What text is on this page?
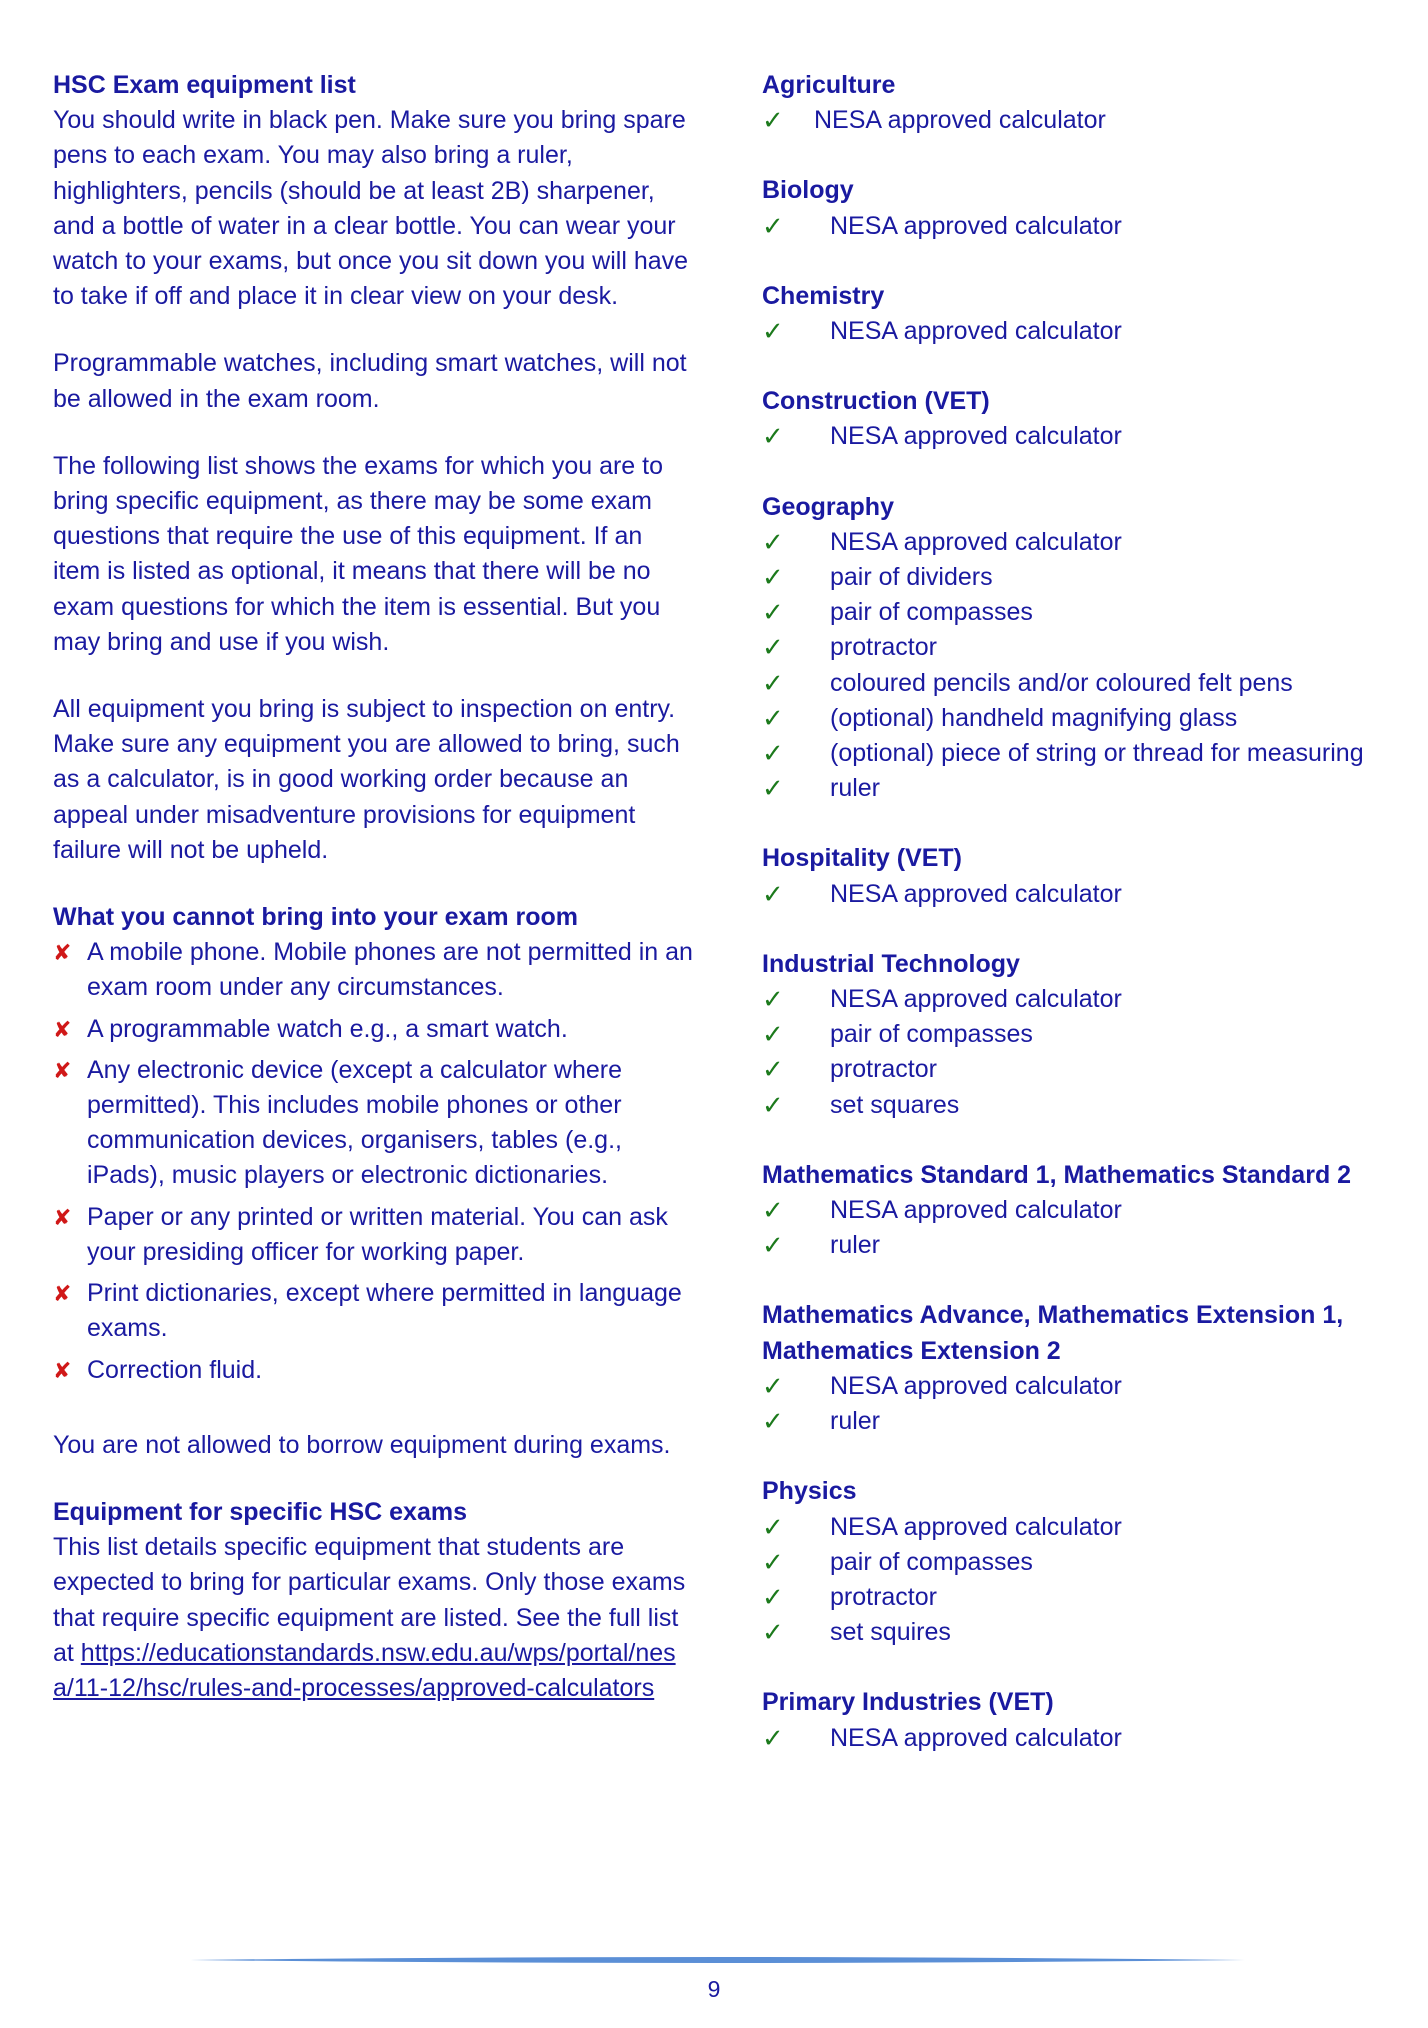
HSC Exam equipment list

You should write in black pen. Make sure you bring spare pens to each exam. You may also bring a ruler, highlighters, pencils (should be at least 2B) sharpener, and a bottle of water in a clear bottle. You can wear your watch to your exams, but once you sit down you will have to take if off and place it in clear view on your desk.

Programmable watches, including smart watches, will not be allowed in the exam room.

The following list shows the exams for which you are to bring specific equipment, as there may be some exam questions that require the use of this equipment. If an item is listed as optional, it means that there will be no exam questions for which the item is essential. But you may bring and use if you wish.

All equipment you bring is subject to inspection on entry. Make sure any equipment you are allowed to bring, such as a calculator, is in good working order because an appeal under misadventure provisions for equipment failure will not be upheld.

What you cannot bring into your exam room

✘ A mobile phone. Mobile phones are not permitted in an exam room under any circumstances.
✘ A programmable watch e.g., a smart watch.
✘ Any electronic device (except a calculator where permitted). This includes mobile phones or other communication devices, organisers, tables (e.g., iPads), music players or electronic dictionaries.
✘ Paper or any printed or written material. You can ask your presiding officer for working paper.
✘ Print dictionaries, except where permitted in language exams.
✘ Correction fluid.

You are not allowed to borrow equipment during exams.

Equipment for specific HSC exams

This list details specific equipment that students are expected to bring for particular exams. Only those exams that require specific equipment are listed. See the full list at https://educationstandards.nsw.edu.au/wps/portal/nesa/11-12/hsc/rules-and-processes/approved-calculators

Agriculture

✓ NESA approved calculator

Biology

✓ NESA approved calculator

Chemistry

✓ NESA approved calculator

Construction (VET)

✓ NESA approved calculator

Geography

✓ NESA approved calculator
✓ pair of dividers
✓ pair of compasses
✓ protractor
✓ coloured pencils and/or coloured felt pens
✓ (optional) handheld magnifying glass
✓ (optional) piece of string or thread for measuring
✓ ruler

Hospitality (VET)

✓ NESA approved calculator

Industrial Technology

✓ NESA approved calculator
✓ pair of compasses
✓ protractor
✓ set squares

Mathematics Standard 1, Mathematics Standard 2

✓ NESA approved calculator
✓ ruler

Mathematics Advance, Mathematics Extension 1, Mathematics Extension 2

✓ NESA approved calculator
✓ ruler

Physics

✓ NESA approved calculator
✓ pair of compasses
✓ protractor
✓ set squires

Primary Industries (VET)

✓ NESA approved calculator
9
